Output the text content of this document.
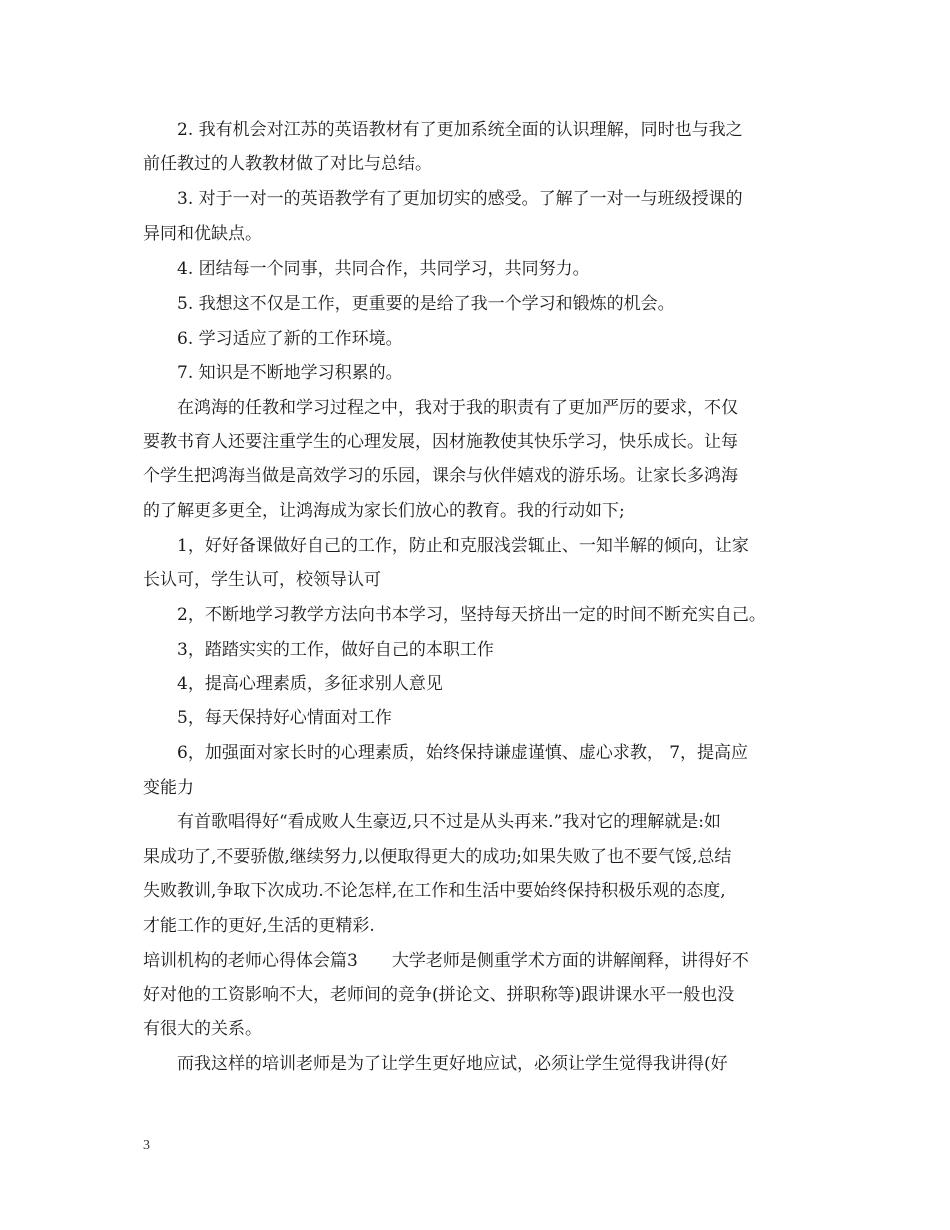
2. 我有机会对江苏的英语教材有了更加系统全面的认识理解，同时也与我之
前任教过的人教教材做了对比与总结。
3. 对于一对一的英语教学有了更加切实的感受。了解了一对一与班级授课的
异同和优缺点。
4. 团结每一个同事，共同合作，共同学习，共同努力。
5. 我想这不仅是工作，更重要的是给了我一个学习和锻炼的机会。
6. 学习适应了新的工作环境。
7. 知识是不断地学习积累的。
在鸿海的任教和学习过程之中，我对于我的职责有了更加严厉的要求，不仅
要教书育人还要注重学生的心理发展，因材施教使其快乐学习，快乐成长。让每
个学生把鸿海当做是高效学习的乐园，课余与伙伴嬉戏的游乐场。让家长多鸿海
的了解更多更全，让鸿海成为家长们放心的教育。我的行动如下;
1，好好备课做好自己的工作，防止和克服浅尝辄止、一知半解的倾向，让家
长认可，学生认可，校领导认可
2，不断地学习教学方法向书本学习，坚持每天挤出一定的时间不断充实自己。
3，踏踏实实的工作，做好自己的本职工作
4，提高心理素质，多征求别人意见
5，每天保持好心情面对工作
6，加强面对家长时的心理素质，始终保持谦虚谨慎、虚心求教， 7，提高应
变能力
有首歌唱得好“看成败人生豪迈,只不过是从头再来.”我对它的理解就是:如
果成功了,不要骄傲,继续努力,以便取得更大的成功;如果失败了也不要气馁,总结
失败教训,争取下次成功.不论怎样,在工作和生活中要始终保持积极乐观的态度,
才能工作的更好,生活的更精彩.
培训机构的老师心得体会篇3　　大学老师是侧重学术方面的讲解阐释，讲得好不
好对他的工资影响不大，老师间的竞争(拼论文、拼职称等)跟讲课水平一般也没
有很大的关系。
而我这样的培训老师是为了让学生更好地应试，必须让学生觉得我讲得(好
3
